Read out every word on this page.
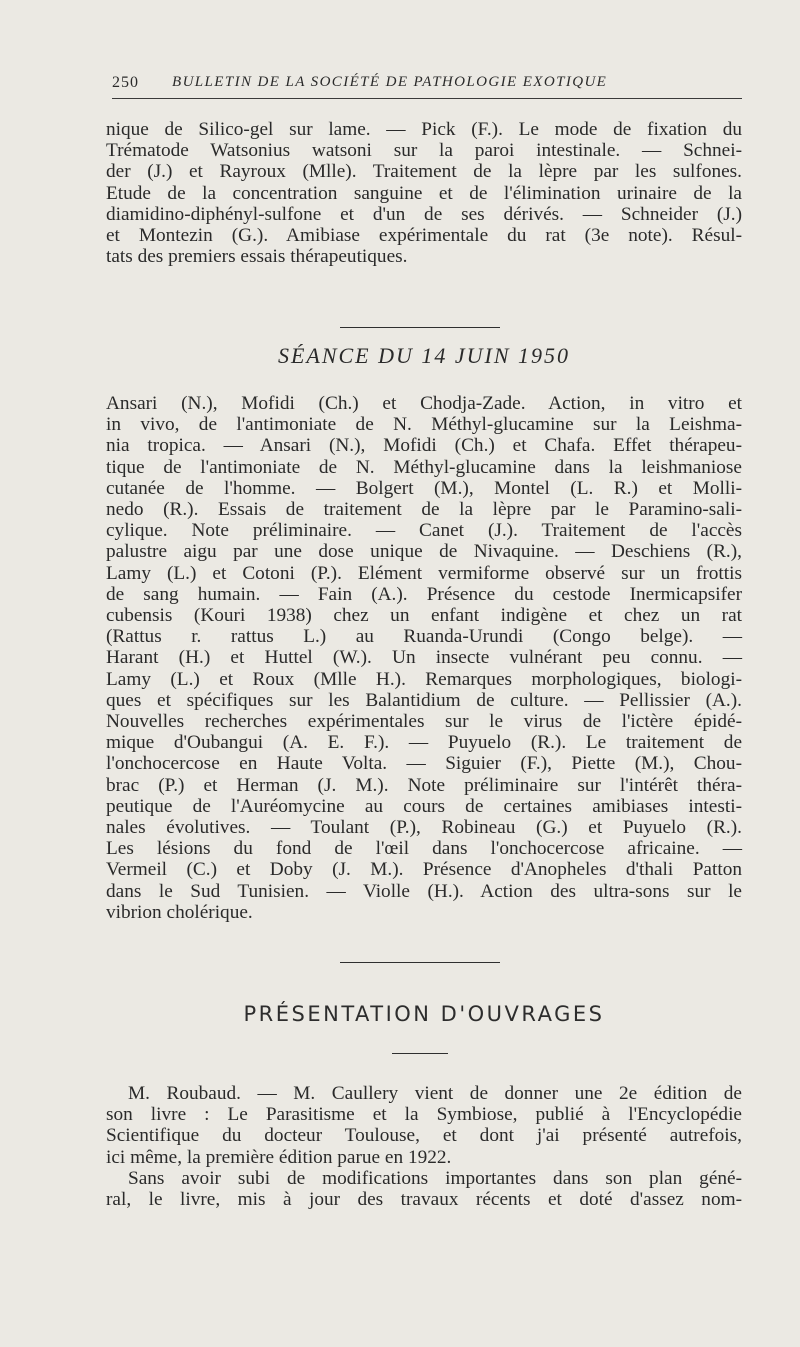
250 BULLETIN DE LA SOCIÉTÉ DE PATHOLOGIE EXOTIQUE
nique de Silico-gel sur lame. — Pick (F.). Le mode de fixation du
Trématode Watsonius watsoni sur la paroi intestinale. — Schnei-
der (J.) et Rayroux (Mlle). Traitement de la lèpre par les sulfones.
Etude de la concentration sanguine et de l'élimination urinaire de la
diamidino-diphényl-sulfone et d'un de ses dérivés. — Schneider (J.)
et Montezin (G.). Amibiase expérimentale du rat (3e note). Résul-
tats des premiers essais thérapeutiques.
SÉANCE DU 14 JUIN 1950
Ansari (N.), Mofidi (Ch.) et Chodja-Zade. Action, in vitro et
in vivo, de l'antimoniate de N. Méthyl-glucamine sur la Leishma-
nia tropica. — Ansari (N.), Mofidi (Ch.) et Chafa. Effet thérapeu-
tique de l'antimoniate de N. Méthyl-glucamine dans la leishmaniose
cutanée de l'homme. — Bolgert (M.), Montel (L. R.) et Molli-
nedo (R.). Essais de traitement de la lèpre par le Paramino-sali-
cylique. Note préliminaire. — Canet (J.). Traitement de l'accès
palustre aigu par une dose unique de Nivaquine. — Deschiens (R.),
Lamy (L.) et Cotoni (P.). Elément vermiforme observé sur un frottis
de sang humain. — Fain (A.). Présence du cestode Inermicapsifer
cubensis (Kouri 1938) chez un enfant indigène et chez un rat
(Rattus r. rattus L.) au Ruanda-Urundi (Congo belge). —
Harant (H.) et Huttel (W.). Un insecte vulnérant peu connu. —
Lamy (L.) et Roux (Mlle H.). Remarques morphologiques, biologi-
ques et spécifiques sur les Balantidium de culture. — Pellissier (A.).
Nouvelles recherches expérimentales sur le virus de l'ictère épidé-
mique d'Oubangui (A. E. F.). — Puyuelo (R.). Le traitement de
l'onchocercose en Haute Volta. — Siguier (F.), Piette (M.), Chou-
brac (P.) et Herman (J. M.). Note préliminaire sur l'intérêt théra-
peutique de l'Auréomycine au cours de certaines amibiases intesti-
nales évolutives. — Toulant (P.), Robineau (G.) et Puyuelo (R.).
Les lésions du fond de l'œil dans l'onchocercose africaine. —
Vermeil (C.) et Doby (J. M.). Présence d'Anopheles d'thali Patton
dans le Sud Tunisien. — Violle (H.). Action des ultra-sons sur le
vibrion cholérique.
PRÉSENTATION D'OUVRAGES
M. Roubaud. — M. Caullery vient de donner une 2e édition de
son livre : Le Parasitisme et la Symbiose, publié à l'Encyclopédie
Scientifique du docteur Toulouse, et dont j'ai présenté autrefois,
ici même, la première édition parue en 1922.
Sans avoir subi de modifications importantes dans son plan géné-
ral, le livre, mis à jour des travaux récents et doté d'assez nom-
